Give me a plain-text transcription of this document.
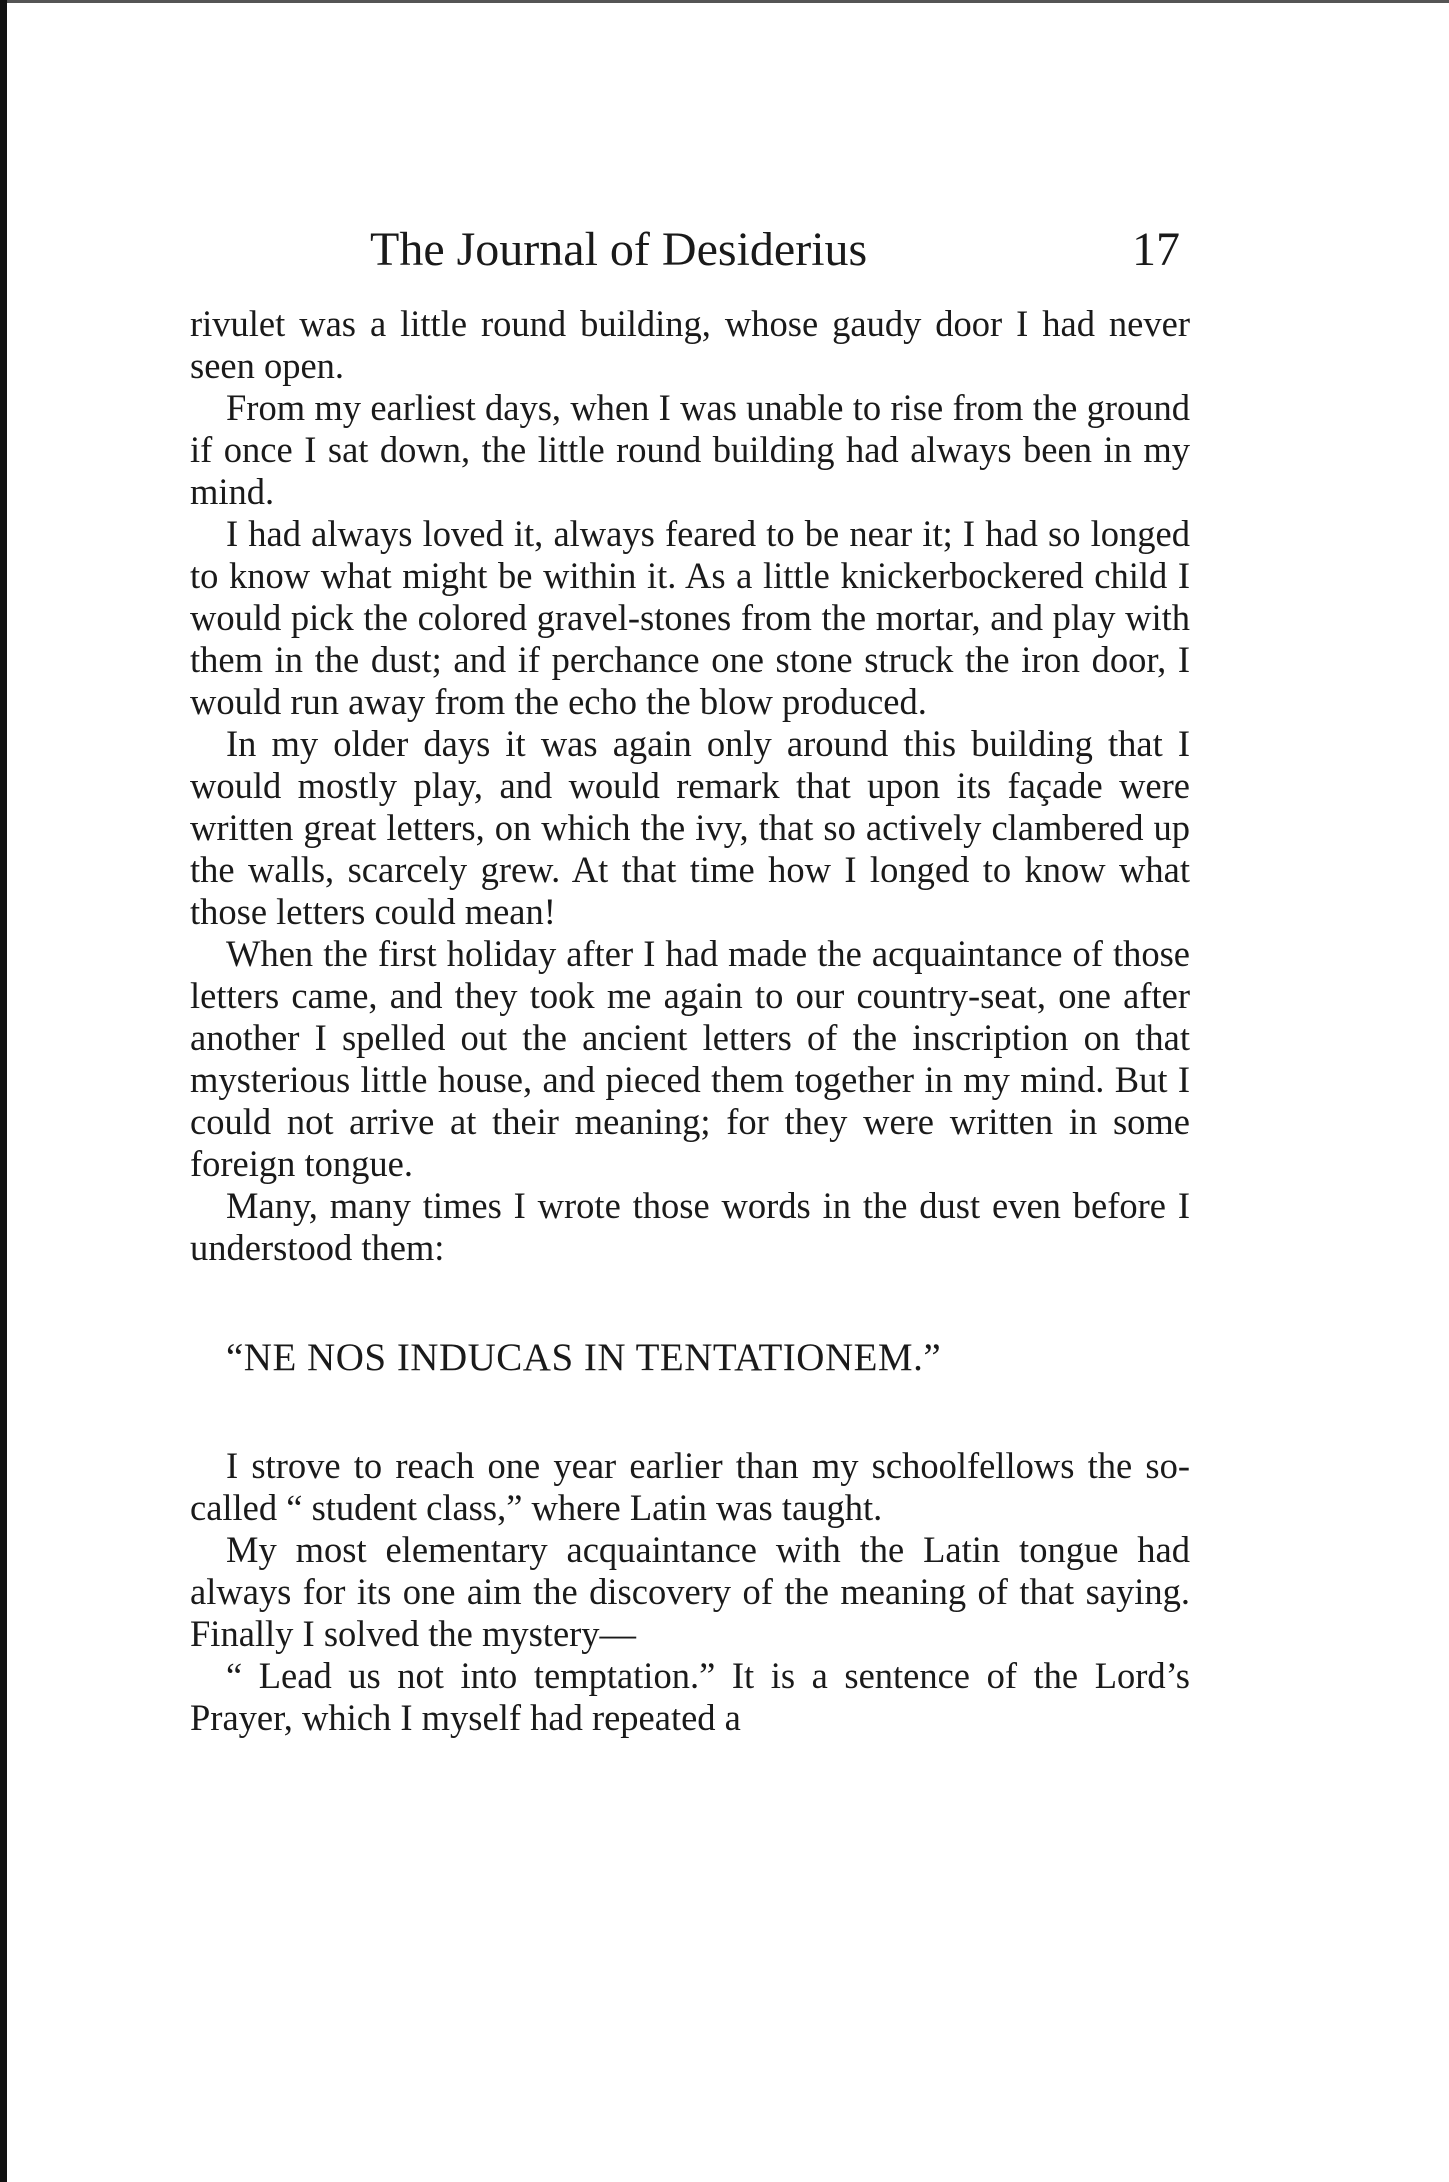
The Journal of Desiderius	17

rivulet was a little round building, whose gaudy door I had never seen open.

From my earliest days, when I was unable to rise from the ground if once I sat down, the little round building had always been in my mind.

I had always loved it, always feared to be near it; I had so longed to know what might be within it. As a little knickerbockered child I would pick the colored gravel-stones from the mortar, and play with them in the dust; and if perchance one stone struck the iron door, I would run away from the echo the blow produced.

In my older days it was again only around this building that I would mostly play, and would remark that upon its façade were written great letters, on which the ivy, that so actively clambered up the walls, scarcely grew. At that time how I longed to know what those letters could mean!

When the first holiday after I had made the acquaintance of those letters came, and they took me again to our country-seat, one after another I spelled out the ancient letters of the inscription on that mysterious little house, and pieced them together in my mind. But I could not arrive at their meaning; for they were written in some foreign tongue.

Many, many times I wrote those words in the dust even before I understood them:

“NE NOS INDUCAS IN TENTATIONEM.”

I strove to reach one year earlier than my schoolfellows the so-called “ student class,” where Latin was taught.

My most elementary acquaintance with the Latin tongue had always for its one aim the discovery of the meaning of that saying. Finally I solved the mystery—

“ Lead us not into temptation.” It is a sentence of the Lord’s Prayer, which I myself had repeated a
